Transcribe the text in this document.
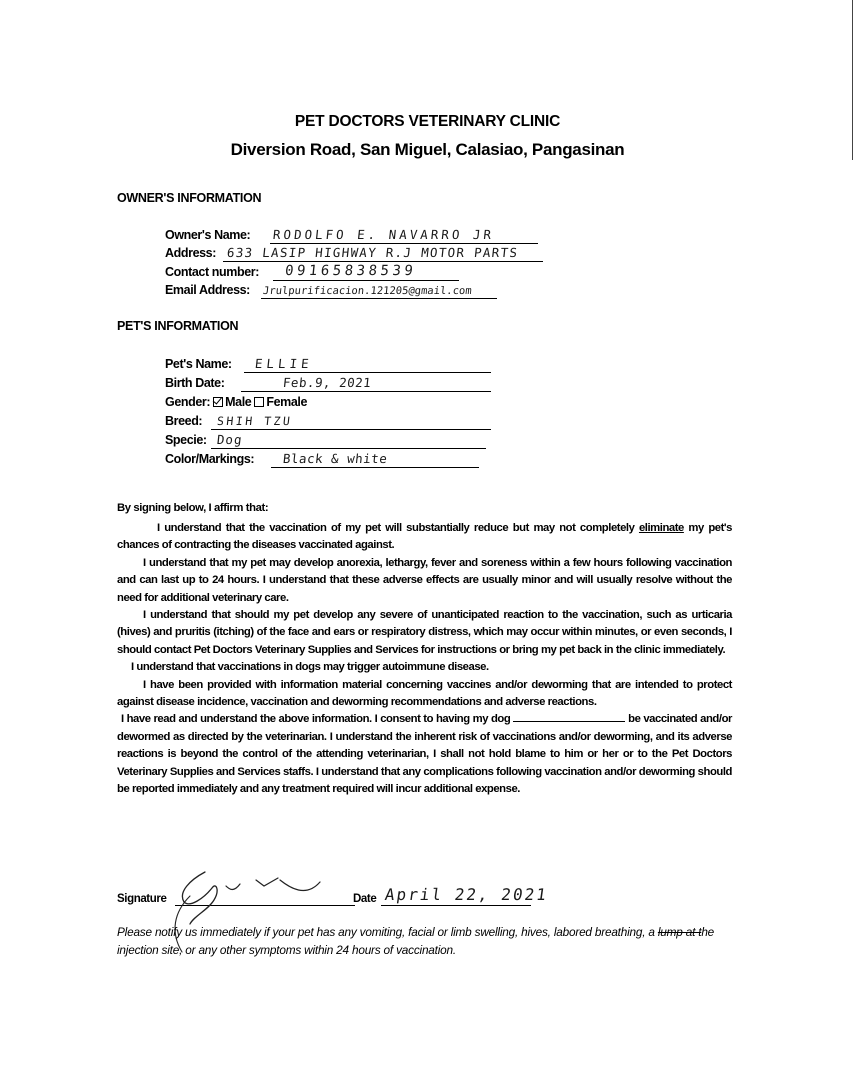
PET DOCTORS VETERINARY CLINIC
Diversion Road, San Miguel, Calasiao, Pangasinan
OWNER'S INFORMATION
Owner's Name: RODOLFO E. NAVARRO JR
Address: 633 LASIP HIGHWAY R.J MOTOR PARTS
Contact number: 09165838539
Email Address: Jrulpurificacion.121205@gmail.com
PET'S INFORMATION
Pet's Name: ELLIE
Birth Date:	Feb.9, 2021
Gender: Male Female
Breed: SHIH TZU
Specie: Dog
Color/Markings: Black & white
By signing below, I affirm that:

I understand that the vaccination of my pet will substantially reduce but may not completely eliminate my pet's chances of contracting the diseases vaccinated against.

I understand that my pet may develop anorexia, lethargy, fever and soreness within a few hours following vaccination and can last up to 24 hours. I understand that these adverse effects are usually minor and will usually resolve without the need for additional veterinary care.

I understand that should my pet develop any severe of unanticipated reaction to the vaccination, such as urticaria (hives) and pruritis (itching) of the face and ears or respiratory distress, which may occur within minutes, or even seconds, I should contact Pet Doctors Veterinary Supplies and Services for instructions or bring my pet back in the clinic immediately.

I understand that vaccinations in dogs may trigger autoimmune disease.

I have been provided with information material concerning vaccines and/or deworming that are intended to protect against disease incidence, vaccination and deworming recommendations and adverse reactions.

I have read and understand the above information. I consent to having my dog	be vaccinated and/or dewormed as directed by the veterinarian. I understand the inherent risk of vaccinations and/or deworming, and its adverse reactions is beyond the control of the attending veterinarian, I shall not hold blame to him or her or to the Pet Doctors Veterinary Supplies and Services staffs. I understand that any complications following vaccination and/or deworming should be reported immediately and any treatment required will incur additional expense.

Signature	Date April 22, 2021
Please notify us immediately if your pet has any vomiting, facial or limb swelling, hives, labored breathing, a lump at the injection site, or any other symptoms within 24 hours of vaccination.
